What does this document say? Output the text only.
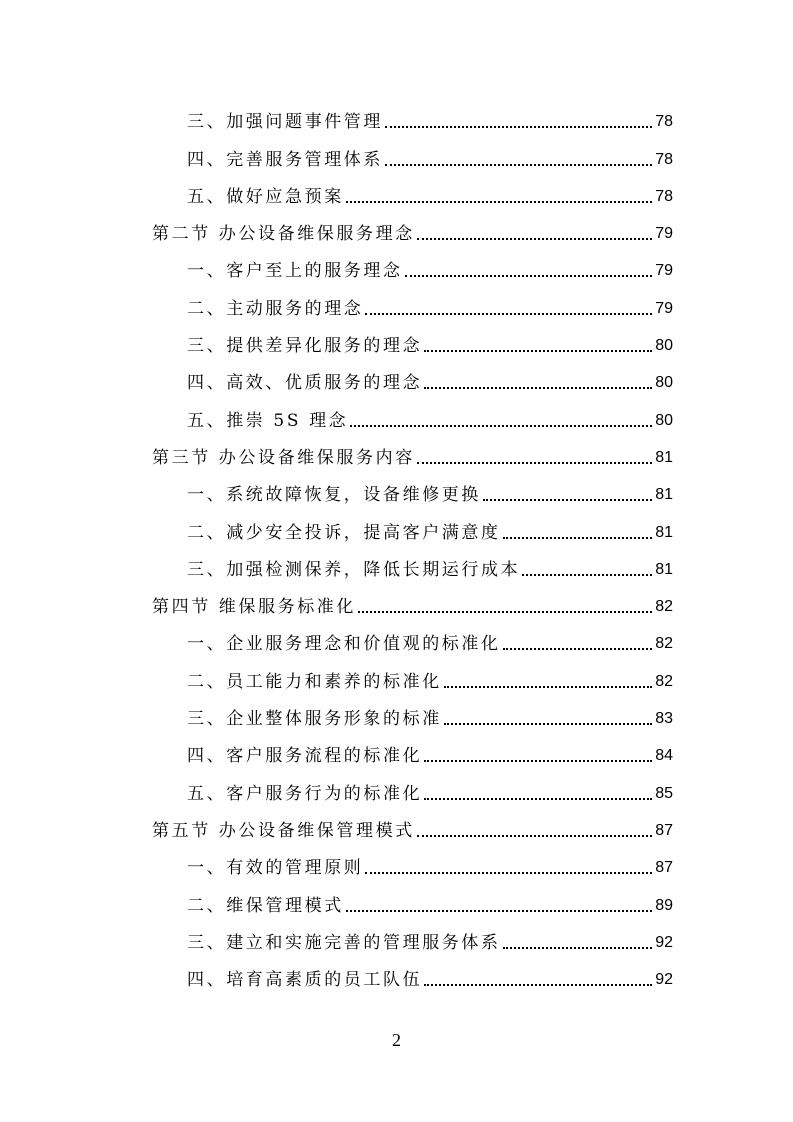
三、加强问题事件管理	78
四、完善服务管理体系	78
五、做好应急预案	78
第二节 办公设备维保服务理念	79
一、客户至上的服务理念	79
二、主动服务的理念	79
三、提供差异化服务的理念	80
四、高效、优质服务的理念	80
五、推崇 5S 理念	80
第三节 办公设备维保服务内容	81
一、系统故障恢复，设备维修更换	81
二、减少安全投诉，提高客户满意度	81
三、加强检测保养，降低长期运行成本	81
第四节 维保服务标准化	82
一、企业服务理念和价值观的标准化	82
二、员工能力和素养的标准化	82
三、企业整体服务形象的标准	83
四、客户服务流程的标准化	84
五、客户服务行为的标准化	85
第五节 办公设备维保管理模式	87
一、有效的管理原则	87
二、维保管理模式	89
三、建立和实施完善的管理服务体系	92
四、培育高素质的员工队伍	92
2
